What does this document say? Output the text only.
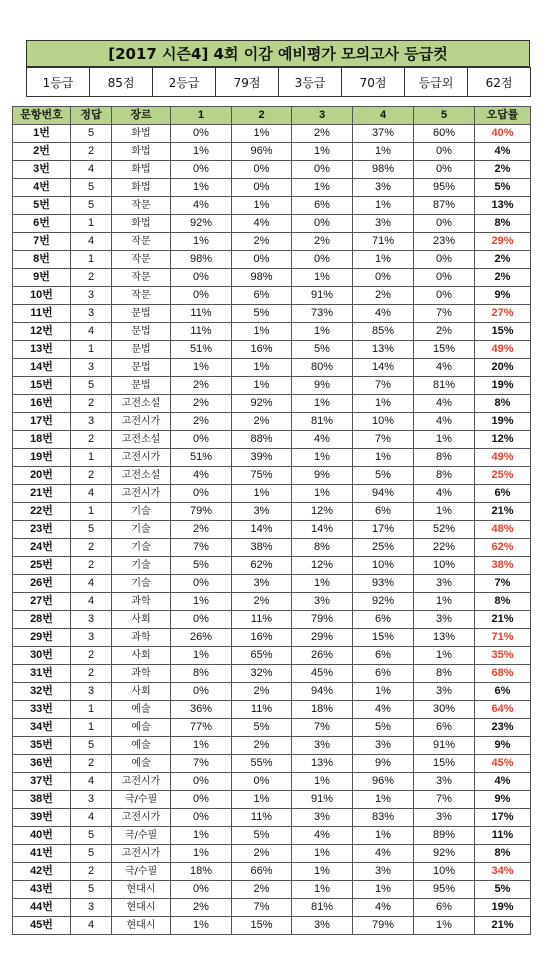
[2017 시즌4] 4회 이감 예비평가 모의고사 등급컷
1등급	85점	2등급	79점	3등급	70점	등급외	62점
문항번호	정답	장르	1	2	3	4	5	오답률
1번	5	화법	0%	1%	2%	37%	60%	40%
2번	2	화법	1%	96%	1%	1%	0%	4%
3번	4	화법	0%	0%	0%	98%	0%	2%
4번	5	화법	1%	0%	1%	3%	95%	5%
5번	5	작문	4%	1%	6%	1%	87%	13%
6번	1	화법	92%	4%	0%	3%	0%	8%
7번	4	작문	1%	2%	2%	71%	23%	29%
8번	1	작문	98%	0%	0%	1%	0%	2%
9번	2	작문	0%	98%	1%	0%	0%	2%
10번	3	작문	0%	6%	91%	2%	0%	9%
11번	3	문법	11%	5%	73%	4%	7%	27%
12번	4	문법	11%	1%	1%	85%	2%	15%
13번	1	문법	51%	16%	5%	13%	15%	49%
14번	3	문법	1%	1%	80%	14%	4%	20%
15번	5	문법	2%	1%	9%	7%	81%	19%
16번	2	고전소설	2%	92%	1%	1%	4%	8%
17번	3	고전시가	2%	2%	81%	10%	4%	19%
18번	2	고전소설	0%	88%	4%	7%	1%	12%
19번	1	고전시가	51%	39%	1%	1%	8%	49%
20번	2	고전소설	4%	75%	9%	5%	8%	25%
21번	4	고전시가	0%	1%	1%	94%	4%	6%
22번	1	기술	79%	3%	12%	6%	1%	21%
23번	5	기술	2%	14%	14%	17%	52%	48%
24번	2	기술	7%	38%	8%	25%	22%	62%
25번	2	기술	5%	62%	12%	10%	10%	38%
26번	4	기술	0%	3%	1%	93%	3%	7%
27번	4	과학	1%	2%	3%	92%	1%	8%
28번	3	사회	0%	11%	79%	6%	3%	21%
29번	3	과학	26%	16%	29%	15%	13%	71%
30번	2	사회	1%	65%	26%	6%	1%	35%
31번	2	과학	8%	32%	45%	6%	8%	68%
32번	3	사회	0%	2%	94%	1%	3%	6%
33번	1	예술	36%	11%	18%	4%	30%	64%
34번	1	예술	77%	5%	7%	5%	6%	23%
35번	5	예술	1%	2%	3%	3%	91%	9%
36번	2	예술	7%	55%	13%	9%	15%	45%
37번	4	고전시가	0%	0%	1%	96%	3%	4%
38번	3	극/수필	0%	1%	91%	1%	7%	9%
39번	4	고전시가	0%	11%	3%	83%	3%	17%
40번	5	극/수필	1%	5%	4%	1%	89%	11%
41번	5	고전시가	1%	2%	1%	4%	92%	8%
42번	2	극/수필	18%	66%	1%	3%	10%	34%
43번	5	현대시	0%	2%	1%	1%	95%	5%
44번	3	현대시	2%	7%	81%	4%	6%	19%
45번	4	현대시	1%	15%	3%	79%	1%	21%
